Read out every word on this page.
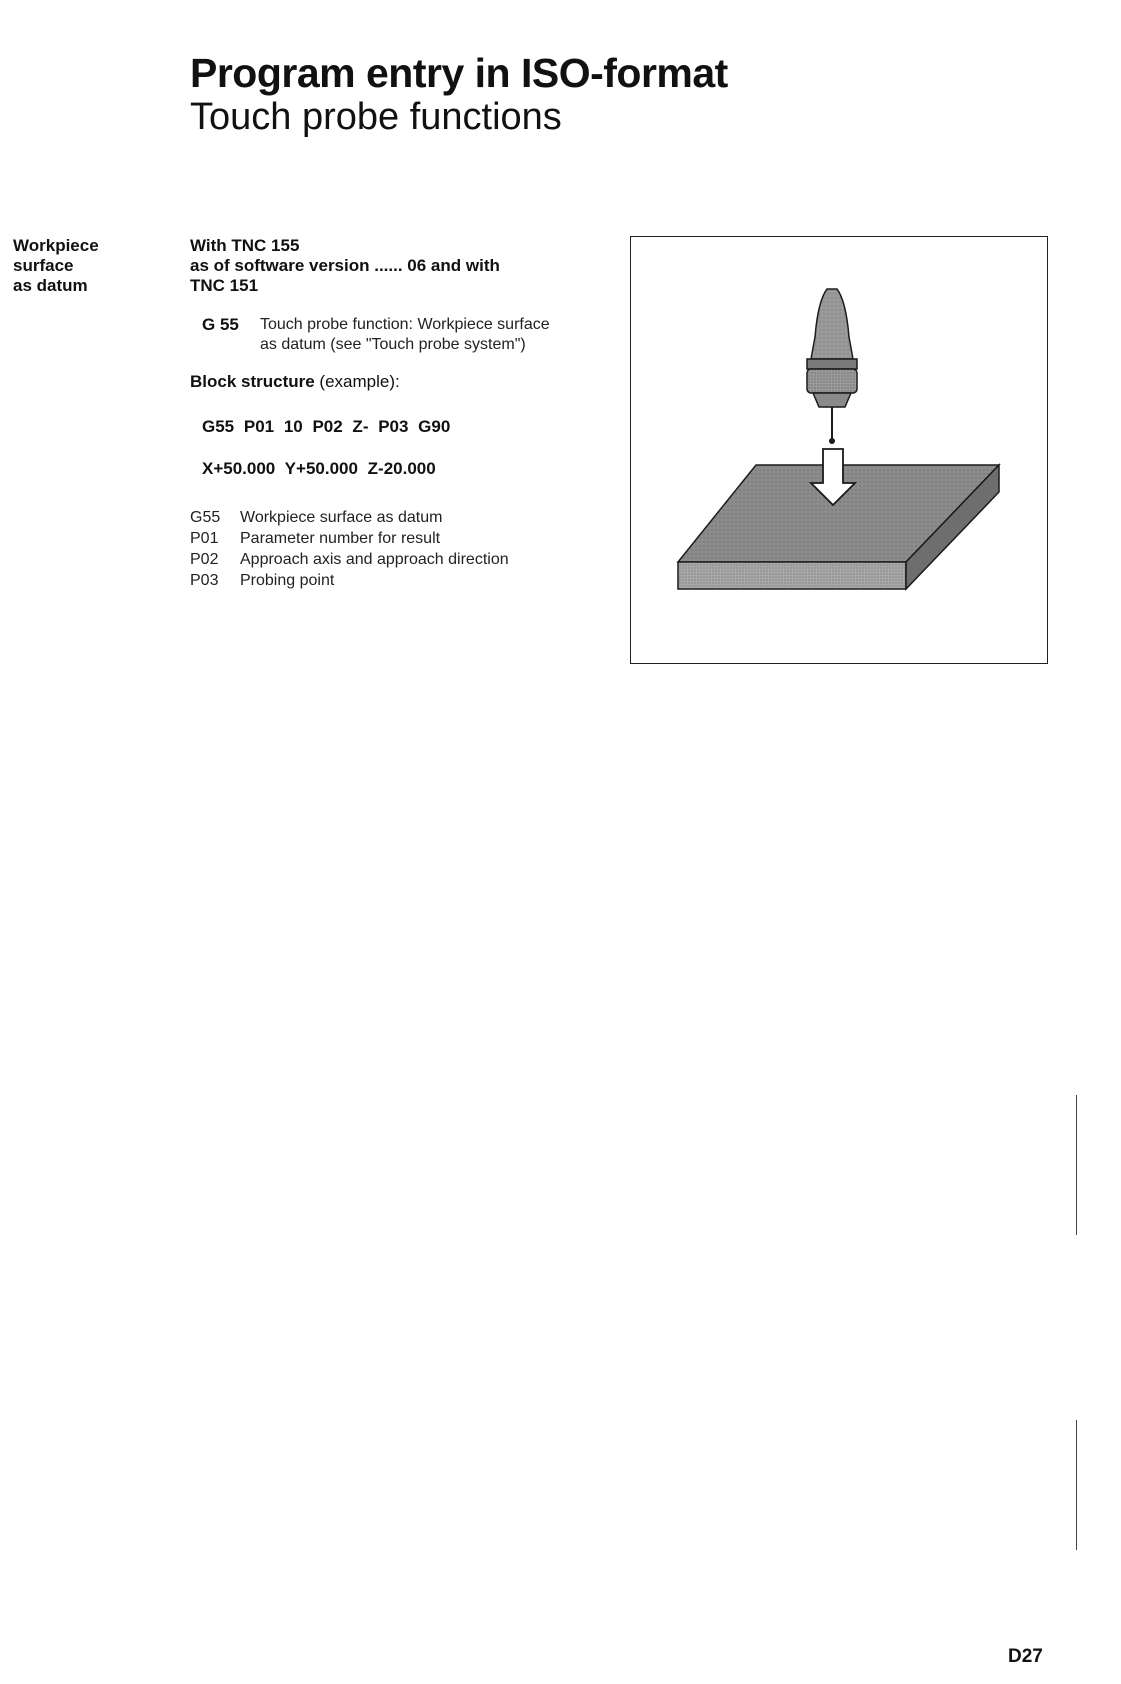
Program entry in ISO-format
Touch probe functions
Workpiece
surface
as datum
With TNC 155
as of software version ...... 06 and with
TNC 151
G 55	Touch probe function: Workpiece surface as datum (see "Touch probe system")
Block structure (example):
G55 P01 10 P02 Z- P03 G90
X+50.000 Y+50.000 Z-20.000
G55	Workpiece surface as datum
P01	Parameter number for result
P02	Approach axis and approach direction
P03	Probing point
D27
